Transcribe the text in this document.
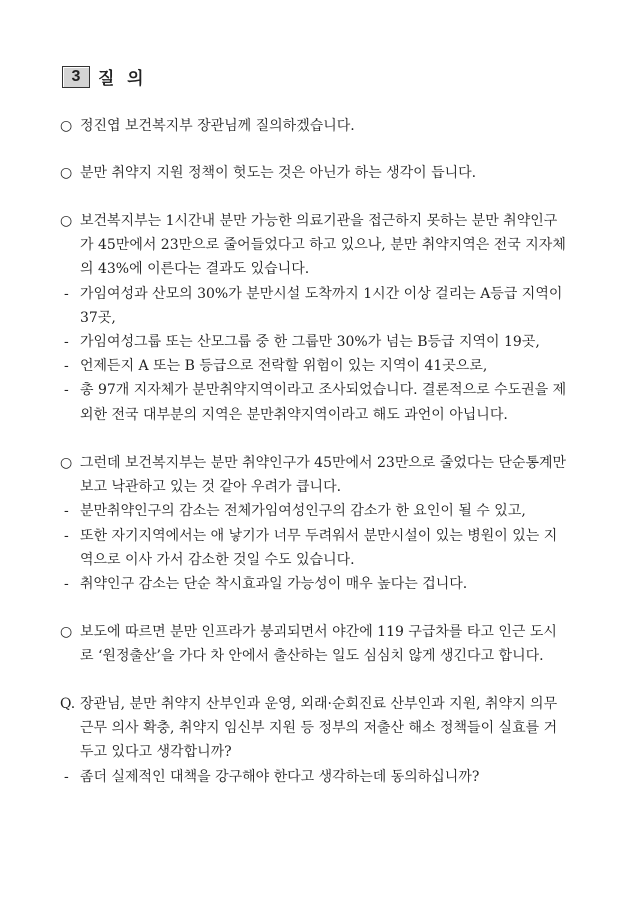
3	질 의
○ 정진엽 보건복지부 장관님께 질의하겠습니다.
○ 분만 취약지 지원 정책이 헛도는 것은 아닌가 하는 생각이 듭니다.
○ 보건복지부는 1시간내 분만 가능한 의료기관을 접근하지 못하는 분만 취약인구
가 45만에서 23만으로 줄어들었다고 하고 있으나, 분만 취약지역은 전국 지자체
의 43%에 이른다는 결과도 있습니다.
- 가임여성과 산모의 30%가 분만시설 도착까지 1시간 이상 걸리는 A등급 지역이
37곳,
- 가임여성그룹 또는 산모그룹 중 한 그룹만 30%가 넘는 B등급 지역이 19곳,
- 언제든지 A 또는 B 등급으로 전락할 위험이 있는 지역이 41곳으로,
- 총 97개 지자체가 분만취약지역이라고 조사되었습니다. 결론적으로 수도권을 제
외한 전국 대부분의 지역은 분만취약지역이라고 해도 과언이 아닙니다.
○ 그런데 보건복지부는 분만 취약인구가 45만에서 23만으로 줄었다는 단순통계만
보고 낙관하고 있는 것 같아 우려가 큽니다.
- 분만취약인구의 감소는 전체가임여성인구의 감소가 한 요인이 될 수 있고,
- 또한 자기지역에서는 애 낳기가 너무 두려워서 분만시설이 있는 병원이 있는 지
역으로 이사 가서 감소한 것일 수도 있습니다.
- 취약인구 감소는 단순 착시효과일 가능성이 매우 높다는 겁니다.
○ 보도에 따르면 분만 인프라가 붕괴되면서 야간에 119 구급차를 타고 인근 도시
로 ‘원정출산’을 가다 차 안에서 출산하는 일도 심심치 않게 생긴다고 합니다.
Q. 장관님, 분만 취약지 산부인과 운영, 외래·순회진료 산부인과 지원, 취약지 의무
근무 의사 확충, 취약지 임신부 지원 등 정부의 저출산 해소 정책들이 실효를 거
두고 있다고 생각합니까?
- 좀더 실제적인 대책을 강구해야 한다고 생각하는데 동의하십니까?
